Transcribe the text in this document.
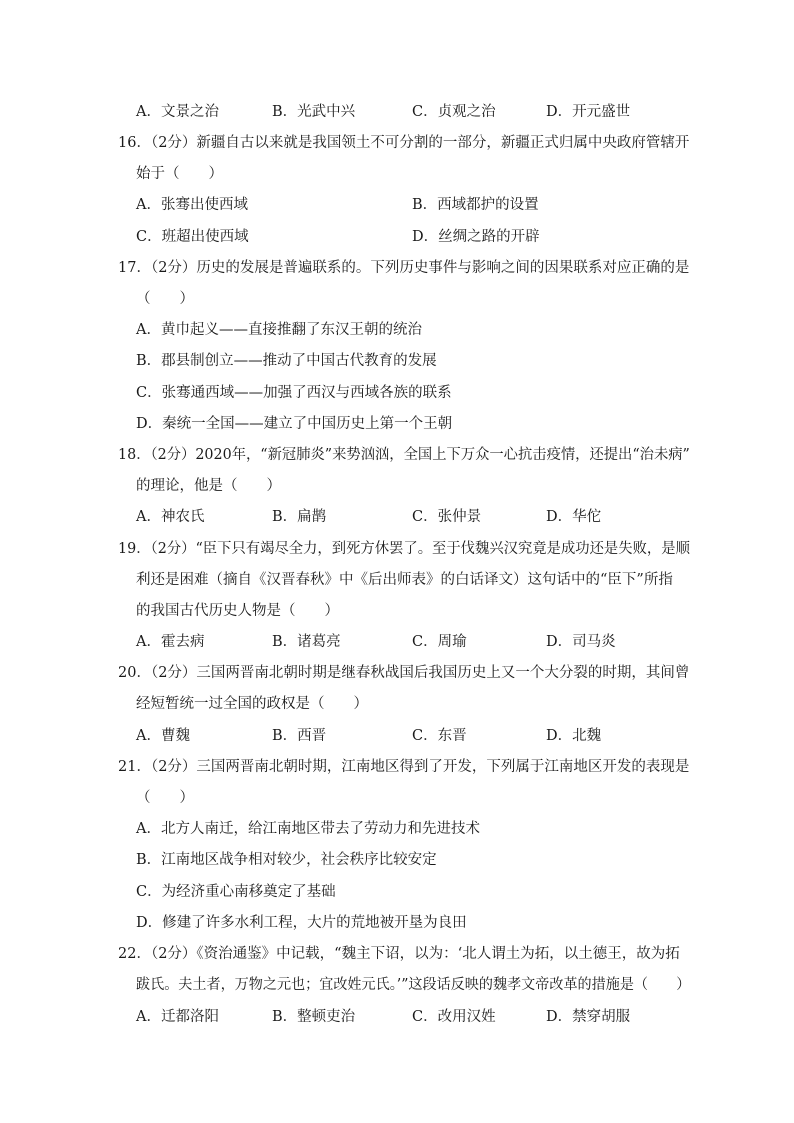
A．文景之治	B．光武中兴	C．贞观之治	D．开元盛世
16．（2分）新疆自古以来就是我国领土不可分割的一部分，新疆正式归属中央政府管辖开
始于（　　）
A．张骞出使西域	B．西域都护的设置
C．班超出使西域	D．丝绸之路的开辟
17．（2分）历史的发展是普遍联系的。下列历史事件与影响之间的因果联系对应正确的是
（　　）
A．黄巾起义——直接推翻了东汉王朝的统治
B．郡县制创立——推动了中国古代教育的发展
C．张骞通西域——加强了西汉与西域各族的联系
D．秦统一全国——建立了中国历史上第一个王朝
18．（2分）2020年，“新冠肺炎”来势汹汹，全国上下万众一心抗击疫情，还提出“治未病”
的理论，他是（　　）
A．神农氏	B．扁鹊	C．张仲景	D．华佗
19．（2分）“臣下只有竭尽全力，到死方休罢了。至于伐魏兴汉究竟是成功还是失败，是顺
利还是困难（摘自《汉晋春秋》中《后出师表》的白话译文）这句话中的“臣下”所指
的我国古代历史人物是（　　）
A．霍去病	B．诸葛亮	C．周瑜	D．司马炎
20．（2分）三国两晋南北朝时期是继春秋战国后我国历史上又一个大分裂的时期，其间曾
经短暂统一过全国的政权是（　　）
A．曹魏	B．西晋	C．东晋	D．北魏
21．（2分）三国两晋南北朝时期，江南地区得到了开发，下列属于江南地区开发的表现是
（　　）
A．北方人南迁，给江南地区带去了劳动力和先进技术
B．江南地区战争相对较少，社会秩序比较安定
C．为经济重心南移奠定了基础
D．修建了许多水利工程，大片的荒地被开垦为良田
22．（2分）《资治通鉴》中记载，“魏主下诏，以为：‘北人谓土为拓，以土德王，故为拓
跋氏。夫土者，万物之元也；宜改姓元氏。’”这段话反映的魏孝文帝改革的措施是（　　）
A．迁都洛阳	B．整顿吏治	C．改用汉姓	D．禁穿胡服
